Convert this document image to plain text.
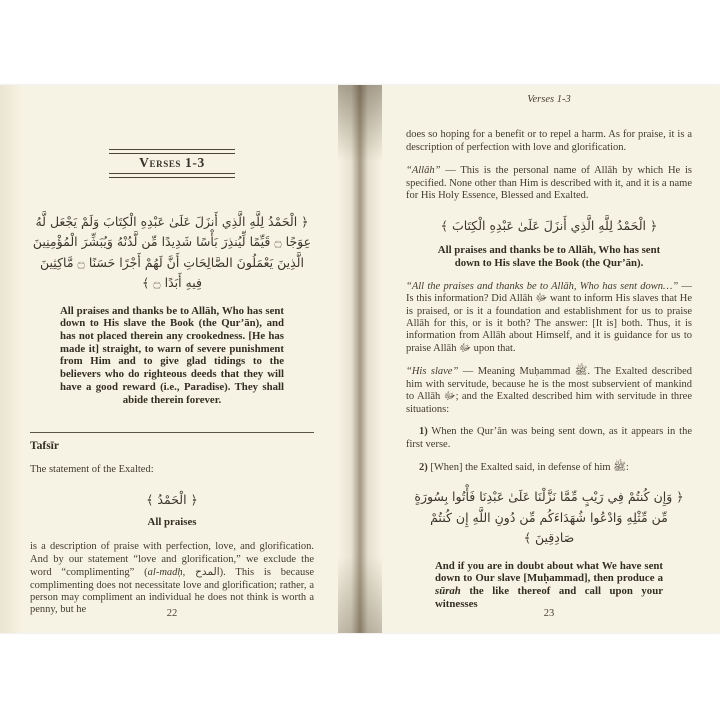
Verses 1-3
﴿ الْحَمْدُ لِلَّهِ الَّذِي أَنزَلَ عَلَىٰ عَبْدِهِ الْكِتَابَ وَلَمْ يَجْعَل لَّهُ عِوَجًا ۝ قَيِّمًا لِّيُنذِرَ بَأْسًا شَدِيدًا مِّن لَّدُنْهُ وَيُبَشِّرَ الْمُؤْمِنِينَ الَّذِينَ يَعْمَلُونَ الصَّالِحَاتِ أَنَّ لَهُمْ أَجْرًا حَسَنًا ۝ مَّاكِثِينَ فِيهِ أَبَدًا ۝ ﴾
All praises and thanks be to Allāh, Who has sent down to His slave the Book (the Qur’ān), and has not placed therein any crookedness. [He has made it] straight, to warn of severe punishment from Him and to give glad tidings to the believers who do righteous deeds that they will have a good reward (i.e., Paradise). They shall abide therein forever.
Tafsīr

The statement of the Exalted:

﴿ الْحَمْدُ ﴾
All praises

is a description of praise with perfection, love, and glorification. And by our statement “love and glorification,” we exclude the word “complimenting” (al-madḥ, المدح). This is because complimenting does not necessitate love and glorification; rather, a person may compliment an individual he does not think is worth a penny, but he	22
Verses 1-3

does so hoping for a benefit or to repel a harm. As for praise, it is a description of perfection with love and glorification.

“Allāh” — This is the personal name of Allāh by which He is specified. None other than Him is described with it, and it is a name for His Holy Essence, Blessed and Exalted.

﴿ الْحَمْدُ لِلَّهِ الَّذِي أَنزَلَ عَلَىٰ عَبْدِهِ الْكِتَابَ ﴾
All praises and thanks be to Allāh, Who has sent down to His slave the Book (the Qur’ān).

“All the praises and thanks be to Allāh, Who has sent down…” — Is this information? Did Allāh ﷻ want to inform His slaves that He is praised, or is it a foundation and establishment for us to praise Allāh for this, or is it both? The answer: [It is] both. Thus, it is information from Allāh about Himself, and it is guidance for us to praise Allāh ﷻ upon that.

“His slave” — Meaning Muḥammad ﷺ. The Exalted described him with servitude, because he is the most subservient of mankind to Allāh ﷻ; and the Exalted described him with servitude in three situations:

1) When the Qur’ān was being sent down, as it appears in the first verse.

2) [When] the Exalted said, in defense of him ﷺ:

﴿ وَإِن كُنتُمْ فِي رَيْبٍ مِّمَّا نَزَّلْنَا عَلَىٰ عَبْدِنَا فَأْتُوا بِسُورَةٍ مِّن مِّثْلِهِ وَادْعُوا شُهَدَاءَكُم مِّن دُونِ اللَّهِ إِن كُنتُمْ صَادِقِينَ ﴾
And if you are in doubt about what We have sent down to Our slave [Muḥammad], then produce a sūrah the like thereof and call upon your witnesses
23
